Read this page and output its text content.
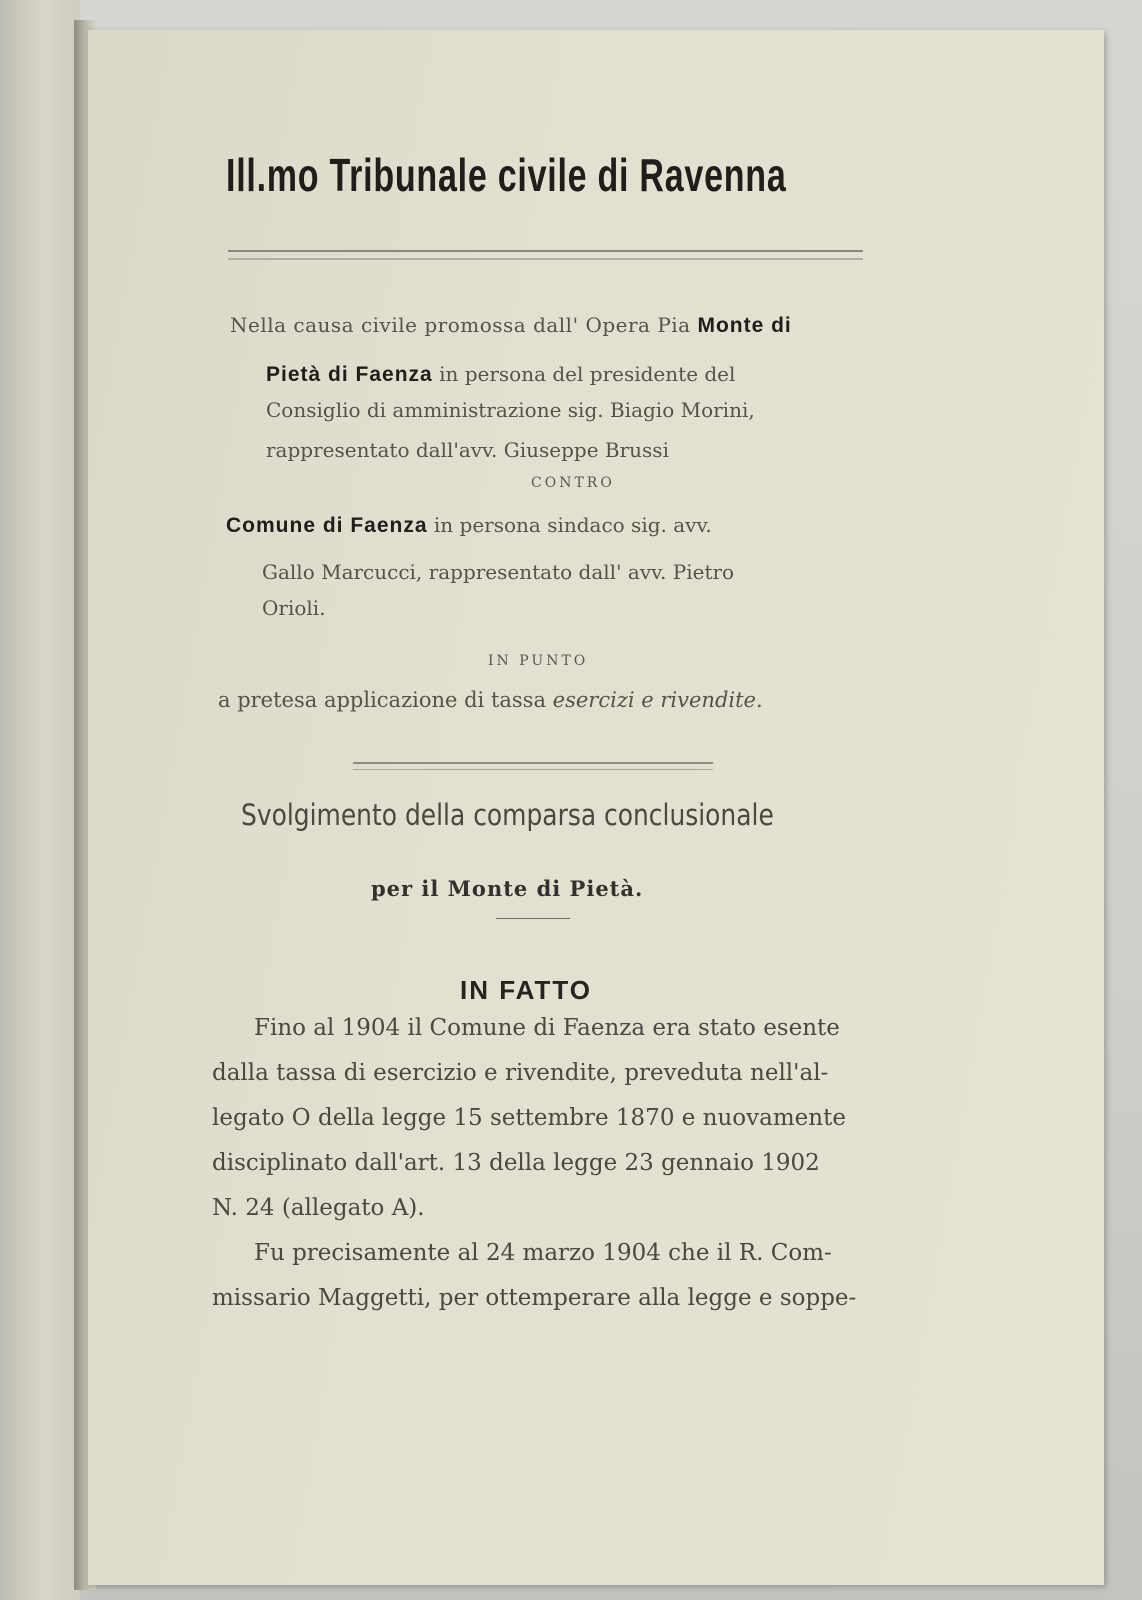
Ill.mo Tribunale civile di Ravenna
Nella causa civile promossa dall' Opera Pia Monte di
Pietà di Faenza in persona del presidente del
Consiglio di amministrazione sig. Biagio Morini,
rappresentato dall'avv. Giuseppe Brussi
CONTRO
Comune di Faenza in persona sindaco sig. avv.
Gallo Marcucci, rappresentato dall' avv. Pietro
Orioli.
IN PUNTO
a pretesa applicazione di tassa esercizi e rivendite.
Svolgimento della comparsa conclusionale
per il Monte di Pietà.
IN FATTO
Fino al 1904 il Comune di Faenza era stato esente
dalla tassa di esercizio e rivendite, preveduta nell'al-
legato O della legge 15 settembre 1870 e nuovamente
disciplinato dall'art. 13 della legge 23 gennaio 1902
N. 24 (allegato A).
Fu precisamente al 24 marzo 1904 che il R. Com-
missario Maggetti, per ottemperare alla legge e soppe-
